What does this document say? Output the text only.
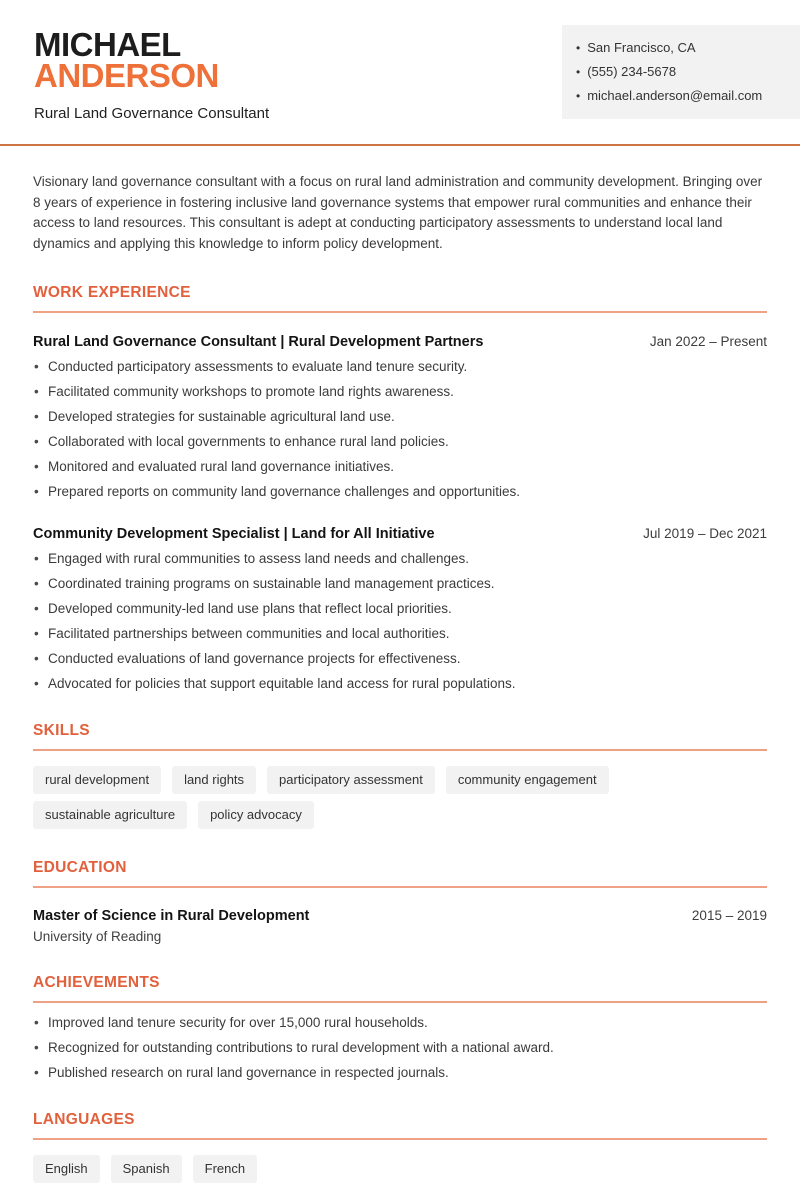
MICHAEL
ANDERSON
Rural Land Governance Consultant
• San Francisco, CA
• (555) 234-5678
• michael.anderson@email.com

Visionary land governance consultant with a focus on rural land administration and community development. Bringing over 8 years of experience in fostering inclusive land governance systems that empower rural communities and enhance their access to land resources. This consultant is adept at conducting participatory assessments to understand local land dynamics and applying this knowledge to inform policy development.

WORK EXPERIENCE
Rural Land Governance Consultant | Rural Development Partners	Jan 2022 – Present
• Conducted participatory assessments to evaluate land tenure security.
• Facilitated community workshops to promote land rights awareness.
• Developed strategies for sustainable agricultural land use.
• Collaborated with local governments to enhance rural land policies.
• Monitored and evaluated rural land governance initiatives.
• Prepared reports on community land governance challenges and opportunities.
Community Development Specialist | Land for All Initiative	Jul 2019 – Dec 2021
• Engaged with rural communities to assess land needs and challenges.
• Coordinated training programs on sustainable land management practices.
• Developed community-led land use plans that reflect local priorities.
• Facilitated partnerships between communities and local authorities.
• Conducted evaluations of land governance projects for effectiveness.
• Advocated for policies that support equitable land access for rural populations.
SKILLS
rural development	land rights	participatory assessment	community engagement
sustainable agriculture	policy advocacy
EDUCATION
Master of Science in Rural Development	2015 – 2019
University of Reading
ACHIEVEMENTS
• Improved land tenure security for over 15,000 rural households.
• Recognized for outstanding contributions to rural development with a national award.
• Published research on rural land governance in respected journals.
LANGUAGES
English	Spanish	French
